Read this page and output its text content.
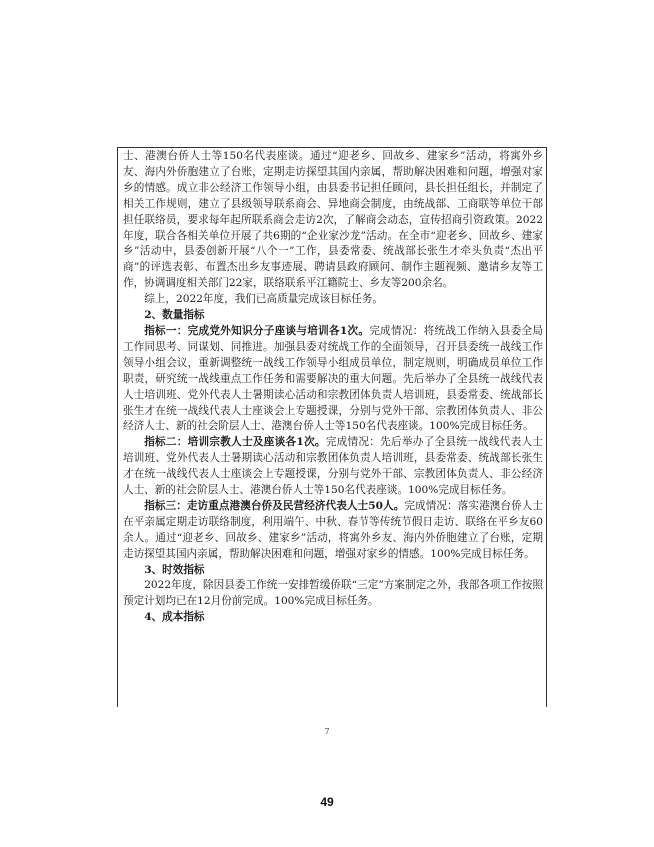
士、港澳台侨人士等150名代表座谈。通过“迎老乡、回故乡、建家乡”活动，将寓外乡友、海内外侨胞建立了台账，定期走访探望其国内亲属，帮助解决困难和问题，增强对家乡的情感。成立非公经济工作领导小组，由县委书记担任顾问，县长担任组长，并制定了相关工作规则，建立了县级领导联系商会、异地商会制度，由统战部、工商联等单位干部担任联络员，要求每年起所联系商会走访2次，了解商会动态，宣传招商引资政策。2022年度，联合各相关单位开展了共6期的“企业家沙龙”活动。在全市“迎老乡、回故乡、建家乡”活动中，县委创新开展“八个一”工作，县委常委、统战部长张生才牵头负责“杰出平商”的评选表彰、布置杰出乡友事迹展、聘请县政府顾问、制作主题视频、邀请乡友等工作，协调调度相关部门22家，联络联系平江籍院士、乡友等200余名。

综上，2022年度，我们已高质量完成该目标任务。

2、数量指标

指标一：完成党外知识分子座谈与培训各1次。完成情况：将统战工作纳入县委全局工作同思考、同谋划、同推进。加强县委对统战工作的全面领导，召开县委统一战线工作领导小组会议，重新调整统一战线工作领导小组成员单位，制定规则，明确成员单位工作职责，研究统一战线重点工作任务和需要解决的重大问题。先后举办了全县统一战线代表人士培训班、党外代表人士暑期读心活动和宗教团体负责人培训班，县委常委、统战部长张生才在统一战线代表人士座谈会上专题授课，分别与党外干部、宗教团体负责人、非公经济人士、新的社会阶层人士、港澳台侨人士等150名代表座谈。100%完成目标任务。

指标二：培训宗教人士及座谈各1次。完成情况：先后举办了全县统一战线代表人士培训班、党外代表人士暑期读心活动和宗教团体负责人培训班，县委常委、统战部长张生才在统一战线代表人士座谈会上专题授课，分别与党外干部、宗教团体负责人、非公经济人士、新的社会阶层人士、港澳台侨人士等150名代表座谈。100%完成目标任务。

指标三：走访重点港澳台侨及民营经济代表人士50人。完成情况：落实港澳台侨人士在平亲属定期走访联络制度，利用端午、中秋、春节等传统节假日走访、联络在平乡友60余人。通过“迎老乡、回故乡、建家乡”活动，将寓外乡友、海内外侨胞建立了台账，定期走访探望其国内亲属，帮助解决困难和问题，增强对家乡的情感。100%完成目标任务。

3、时效指标

2022年度，除因县委工作统一安排暂缓侨联“三定”方案制定之外，我部各项工作按照预定计划均已在12月份前完成。100%完成目标任务。

4、成本指标

7
49
